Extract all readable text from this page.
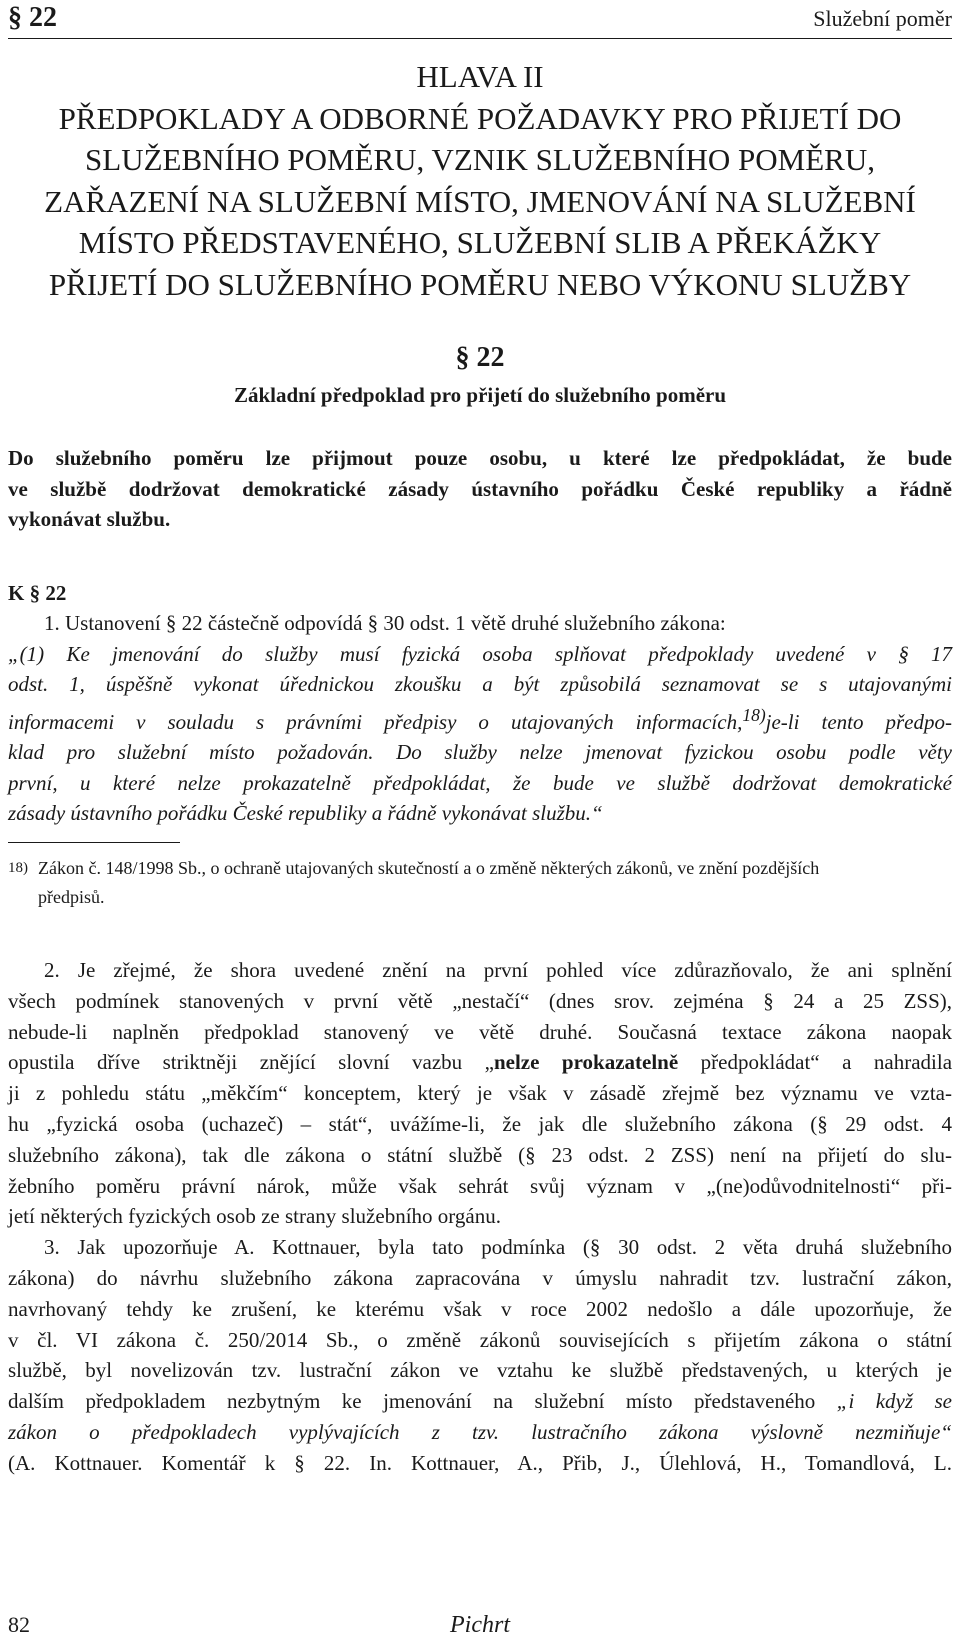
§ 22	Služební poměr
HLAVA II
PŘEDPOKLADY A ODBORNÉ POŽADAVKY PRO PŘIJETÍ DO
SLUŽEBNÍHO POMĚRU, VZNIK SLUŽEBNÍHO POMĚRU,
ZAŘAZENÍ NA SLUŽEBNÍ MÍSTO, JMENOVÁNÍ NA SLUŽEBNÍ
MÍSTO PŘEDSTAVENÉHO, SLUŽEBNÍ SLIB A PŘEKÁŽKY
PŘIJETÍ DO SLUŽEBNÍHO POMĚRU NEBO VÝKONU SLUŽBY
§ 22
Základní předpoklad pro přijetí do služebního poměru
Do služebního poměru lze přijmout pouze osobu, u které lze předpokládat, že bude
ve službě dodržovat demokratické zásady ústavního pořádku České republiky a řádně
vykonávat službu.
K § 22
1. Ustanovení § 22 částečně odpovídá § 30 odst. 1 větě druhé služebního zákona:
„(1) Ke jmenování do služby musí fyzická osoba splňovat předpoklady uvedené v § 17
odst. 1, úspěšně vykonat úřednickou zkoušku a být způsobilá seznamovat se s utajovanými
informacemi v souladu s právními předpisy o utajovaných informacích,$^{18)}$je-li tento předpo-
klad pro služební místo požadován. Do služby nelze jmenovat fyzickou osobu podle věty
první, u které nelze prokazatelně předpokládat, že bude ve službě dodržovat demokratické
zásady ústavního pořádku České republiky a řádně vykonávat službu.“
18) Zákon č. 148/1998 Sb., o ochraně utajovaných skutečností a o změně některých zákonů, ve znění pozdějších
předpisů.
2. Je zřejmé, že shora uvedené znění na první pohled více zdůrazňovalo, že ani splnění
všech podmínek stanovených v první větě „nestačí“ (dnes srov. zejména § 24 a 25 ZSS),
nebude-li naplněn předpoklad stanovený ve větě druhé. Současná textace zákona naopak
opustila dříve striktněji znějící slovní vazbu „nelze prokazatelně předpokládat“ a nahradila
ji z pohledu státu „měkčím“ konceptem, který je však v zásadě zřejmě bez významu ve vzta-
hu „fyzická osoba (uchazeč) – stát“, uvážíme-li, že jak dle služebního zákona (§ 29 odst. 4
služebního zákona), tak dle zákona o státní službě (§ 23 odst. 2 ZSS) není na přijetí do slu-
žebního poměru právní nárok, může však sehrát svůj význam v „(ne)odůvodnitelnosti“ při-
jetí některých fyzických osob ze strany služebního orgánu.
3. Jak upozorňuje A. Kottnauer, byla tato podmínka (§ 30 odst. 2 věta druhá služebního
zákona) do návrhu služebního zákona zapracována v úmyslu nahradit tzv. lustrační zákon,
navrhovaný tehdy ke zrušení, ke kterému však v roce 2002 nedošlo a dále upozorňuje, že
v čl. VI zákona č. 250/2014 Sb., o změně zákonů souvisejících s přijetím zákona o státní
službě, byl novelizován tzv. lustrační zákon ve vztahu ke službě představených, u kterých je
dalším předpokladem nezbytným ke jmenování na služební místo představeného „i když se
zákon o předpokladech vyplývajících z tzv. lustračního zákona výslovně nezmiňuje“
(A. Kottnauer. Komentář k § 22. In. Kottnauer, A., Přib, J., Úlehlová, H., Tomandlová, L.
82	Pichrt
